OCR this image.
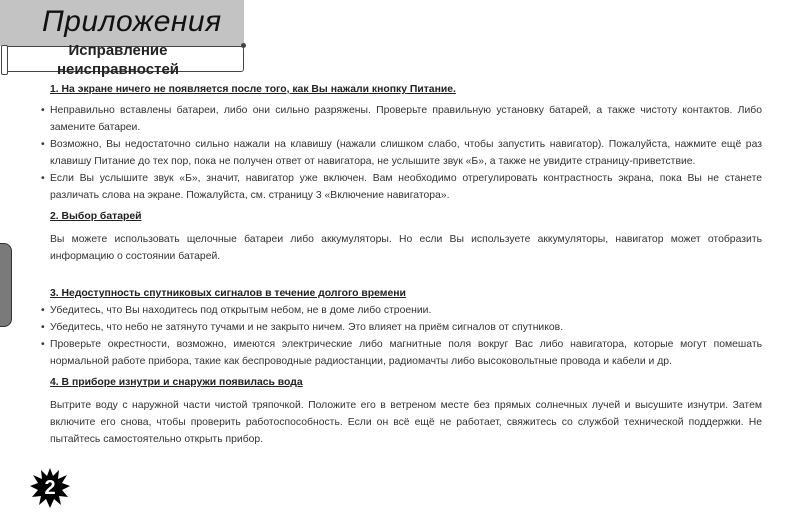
Приложения
Исправление неисправностей

1. На экране ничего не появляется после того, как Вы нажали кнопку Питание.

• Неправильно вставлены батареи, либо они сильно разряжены. Проверьте правильную установку батарей, а также чистоту контактов. Либо замените батареи.

• Возможно, Вы недостаточно сильно нажали на клавишу (нажали слишком слабо, чтобы запустить навигатор). Пожалуйста, нажмите ещё раз клавишу Питание до тех пор, пока не получен ответ от навигатора, не услышите звук «Б», а также не увидите страницу-приветствие.

• Если Вы услышите звук «Б», значит, навигатор уже включен. Вам необходимо отрегулировать контрастность экрана, пока Вы не станете различать слова на экране. Пожалуйста, см. страницу 3 «Включение навигатора».

2. Выбор батарей

Вы можете использовать щелочные батареи либо аккумуляторы. Но если Вы используете аккумуляторы, навигатор может отобразить информацию о состоянии батарей.

3. Недоступность спутниковых сигналов в течение долгого времени

• Убедитесь, что Вы находитесь под открытым небом, не в доме либо строении.

• Убедитесь, что небо не затянуто тучами и не закрыто ничем. Это влияет на приём сигналов от спутников.

• Проверьте окрестности, возможно, имеются электрические либо магнитные поля вокруг Вас либо навигатора, которые могут помешать нормальной работе прибора, такие как беспроводные радиостанции, радиомачты либо высоковольтные провода и кабели и др.

4. В приборе изнутри и снаружи появилась вода

Вытрите воду с наружной части чистой тряпочкой. Положите его в ветреном месте без прямых солнечных лучей и высушите изнутри. Затем включите его снова, чтобы проверить работоспособность. Если он всё ещё не работает, свяжитесь со службой технической поддержки. Не пытайтесь самостоятельно открыть прибор.

2
